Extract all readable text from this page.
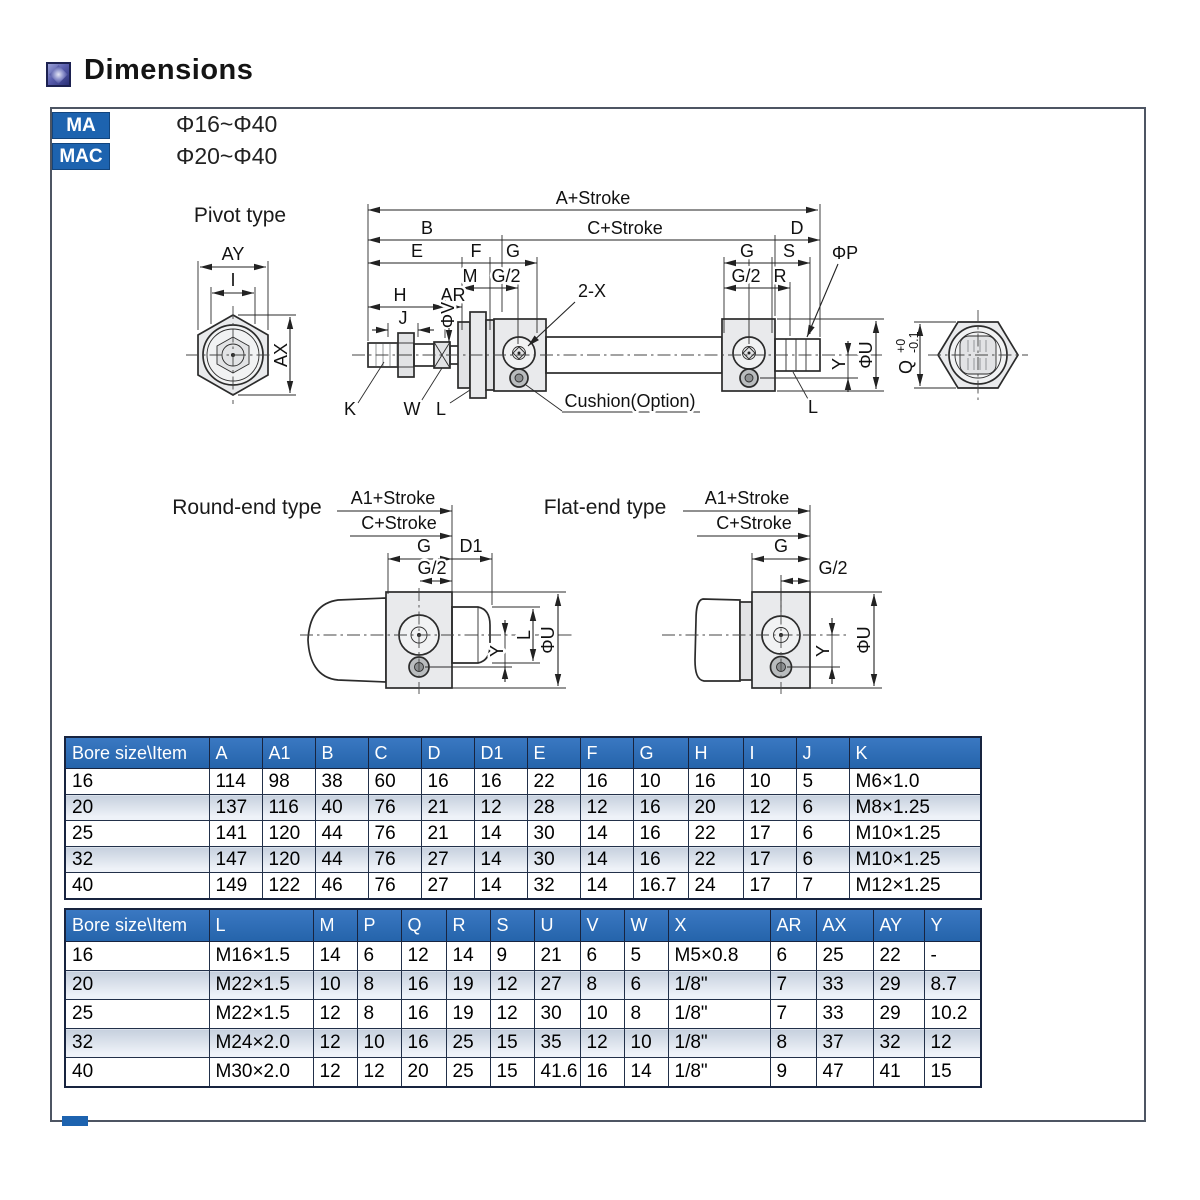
Dimensions
MA	Φ16~Φ40
MAC	Φ20~Φ40
Pivot type
AY
I
AX
A+Stroke
B	C+Stroke	D
E	F G	G S
M G/2	G/2 R
H AR
J ΦV
K	W L
2-X
Cushion(Option)
ΦP
L
Y ΦU Q
+0 -0.1
Round-end type A1+Stroke
C+Stroke
G D1
G/2
Y
L ΦU
Flat-end type A1+Stroke
C+Stroke
G
G/2
Y ΦU
Bore size\Item	A	A1	B	C	D	D1	E	F	G	H	I	J	K
16	114	98	38	60	16	16	22	16	10	16	10	5	M6×1.0
20	137	116	40	76	21	12	28	12	16	20	12	6	M8×1.25
25	141	120	44	76	21	14	30	14	16	22	17	6	M10×1.25
32	147	120	44	76	27	14	30	14	16	22	17	6	M10×1.25
40	149	122	46	76	27	14	32	14	16.7	24	17	7	M12×1.25
Bore size\Item	L	M	P	Q	R	S	U	V	W	X	AR	AX	AY	Y
16	M16×1.5	14	6	12	14	9	21	6	5	M5×0.8	6	25	22	-
20	M22×1.5	10	8	16	19	12	27	8	6	1/8"	7	33	29	8.7
25	M22×1.5	12	8	16	19	12	30	10	8	1/8"	7	33	29	10.2
32	M24×2.0	12	10	16	25	15	35	12	10	1/8"	8	37	32	12
40	M30×2.0	12	12	20	25	15	41.6	16	14	1/8"	9	47	41	15
